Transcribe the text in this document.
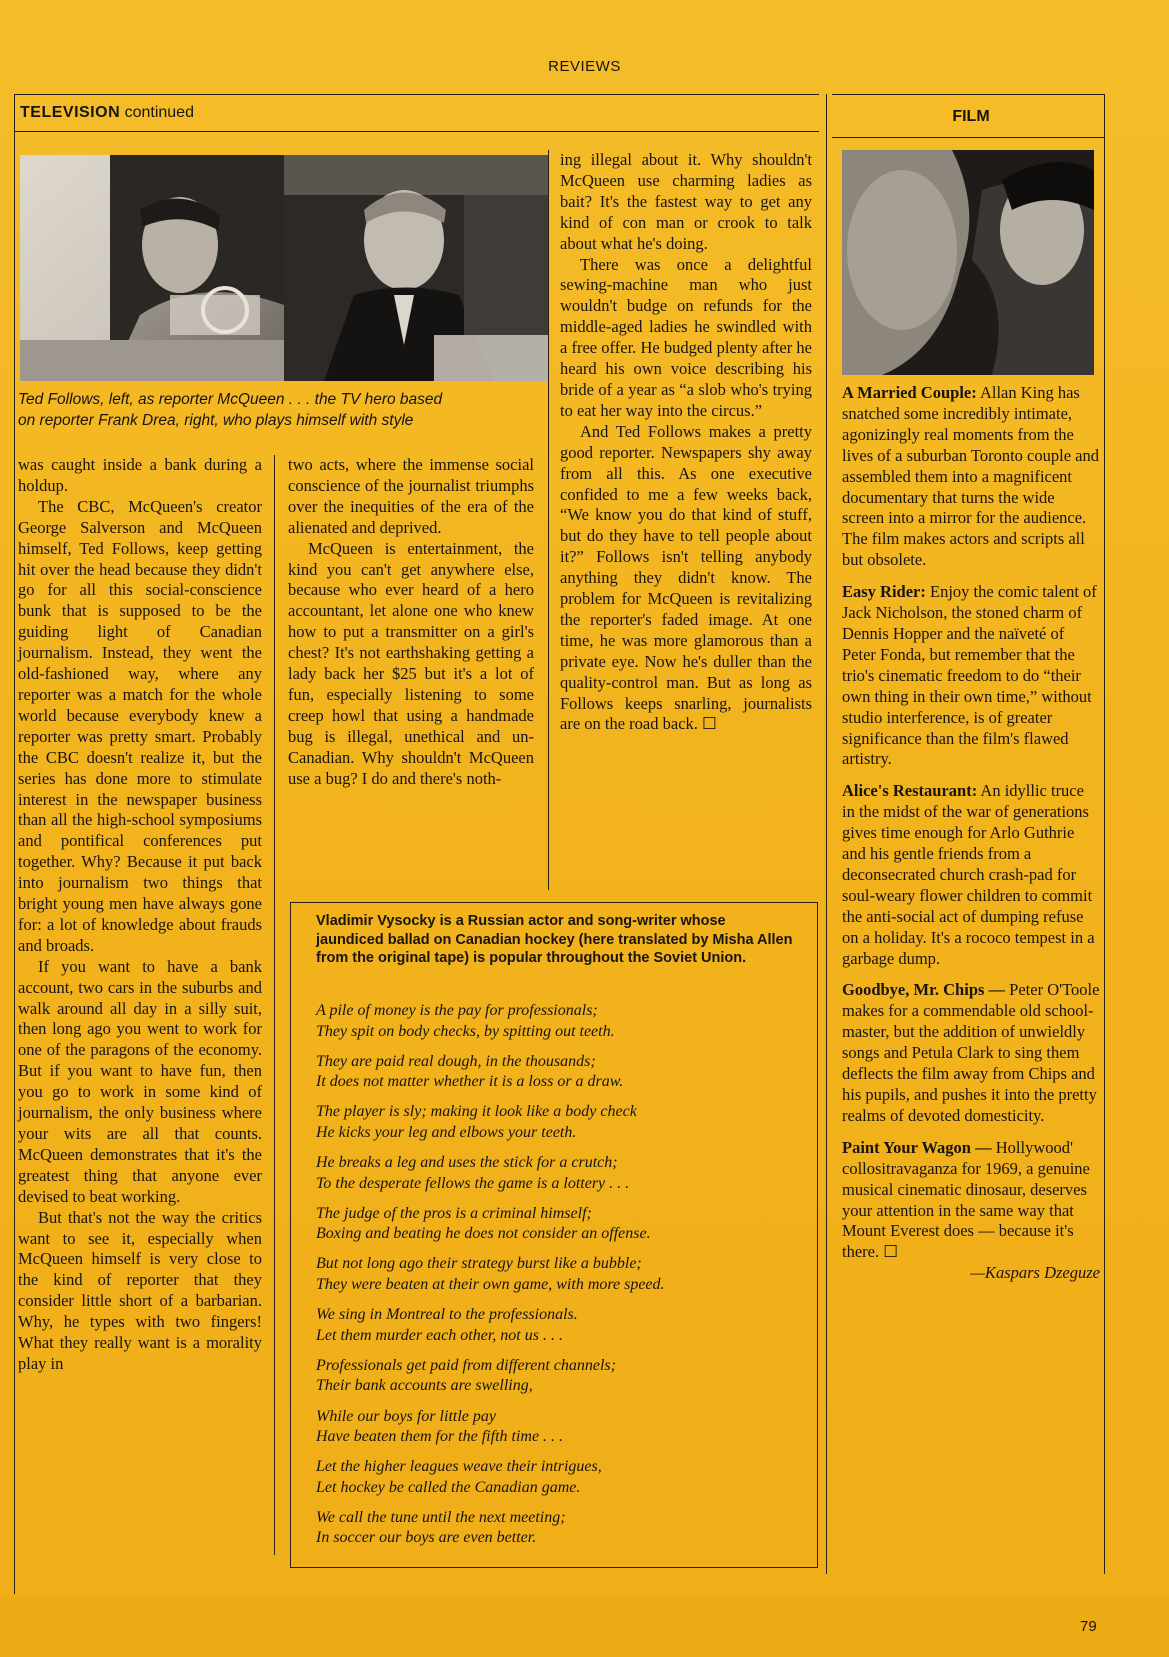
REVIEWS
TELEVISION continued	FILM
Ted Follows, left, as reporter McQueen . . . the TV hero based
on reporter Frank Drea, right, who plays himself with style

was caught inside a bank during a holdup.

The CBC, McQueen's creator George Salverson and McQueen himself, Ted Follows, keep getting hit over the head because they didn't go for all this social-conscience bunk that is supposed to be the guiding light of Canadian journalism. Instead, they went the old-fashioned way, where any reporter was a match for the whole world because everybody knew a reporter was pretty smart. Probably the CBC doesn't realize it, but the series has done more to stimulate interest in the newspaper business than all the high-school symposiums and pontifical conferences put together. Why? Because it put back into journalism two things that bright young men have always gone for: a lot of knowledge about frauds and broads.

If you want to have a bank account, two cars in the suburbs and walk around all day in a silly suit, then long ago you went to work for one of the paragons of the economy. But if you want to have fun, then you go to work in some kind of journalism, the only business where your wits are all that counts. McQueen demonstrates that it's the greatest thing that anyone ever devised to beat working.

But that's not the way the critics want to see it, especially when McQueen himself is very close to the kind of reporter that they consider little short of a barbarian. Why, he types with two fingers! What they really want is a morality play in

two acts, where the immense social conscience of the journalist triumphs over the inequities of the era of the alienated and deprived.

McQueen is entertainment, the kind you can't get anywhere else, because who ever heard of a hero accountant, let alone one who knew how to put a transmitter on a girl's chest? It's not earthshaking getting a lady back her $25 but it's a lot of fun, especially listening to some creep howl that using a handmade bug is illegal, unethical and un-Canadian. Why shouldn't McQueen use a bug? I do and there's noth-

ing illegal about it. Why shouldn't McQueen use charming ladies as bait? It's the fastest way to get any kind of con man or crook to talk about what he's doing.

There was once a delightful sewing-machine man who just wouldn't budge on refunds for the middle-aged ladies he swindled with a free offer. He budged plenty after he heard his own voice describing his bride of a year as “a slob who's trying to eat her way into the circus.”

And Ted Follows makes a pretty good reporter. Newspapers shy away from all this. As one executive confided to me a few weeks back, “We know you do that kind of stuff, but do they have to tell people about it?” Follows isn't telling anybody anything they didn't know. The problem for McQueen is revitalizing the reporter's faded image. At one time, he was more glamorous than a private eye. Now he's duller than the quality-control man. But as long as Follows keeps snarling, journalists are on the road back. ☐

Vladimir Vysocky is a Russian actor and song-writer whose jaundiced ballad on Canadian hockey (here translated by Misha Allen from the original tape) is popular throughout the Soviet Union.
A pile of money is the pay for professionals;
They spit on body checks, by spitting out teeth.
They are paid real dough, in the thousands;
It does not matter whether it is a loss or a draw.
The player is sly; making it look like a body check
He kicks your leg and elbows your teeth.
He breaks a leg and uses the stick for a crutch;
To the desperate fellows the game is a lottery . . .
The judge of the pros is a criminal himself;
Boxing and beating he does not consider an offense.
But not long ago their strategy burst like a bubble;
They were beaten at their own game, with more speed.
We sing in Montreal to the professionals.
Let them murder each other, not us . . .
Professionals get paid from different channels;
Their bank accounts are swelling,
While our boys for little pay
Have beaten them for the fifth time . . .
Let the higher leagues weave their intrigues,
Let hockey be called the Canadian game.
We call the tune until the next meeting;
In soccer our boys are even better.

A Married Couple: Allan King has snatched some incredibly intimate, agonizingly real moments from the lives of a suburban Toronto couple and assembled them into a magnificent documentary that turns the wide screen into a mirror for the audience. The film makes actors and scripts all but obsolete.

Easy Rider: Enjoy the comic talent of Jack Nicholson, the stoned charm of Dennis Hopper and the naïveté of Peter Fonda, but remember that the trio's cinematic freedom to do “their own thing in their own time,” without studio interference, is of greater significance than the film's flawed artistry.

Alice's Restaurant: An idyllic truce in the midst of the war of generations gives time enough for Arlo Guthrie and his gentle friends from a deconsecrated church crash-pad for soul-weary flower children to commit the anti-social act of dumping refuse on a holiday. It's a rococo tempest in a garbage dump.

Goodbye, Mr. Chips — Peter O'Toole makes for a commendable old school-master, but the addition of unwieldly songs and Petula Clark to sing them deflects the film away from Chips and his pupils, and pushes it into the pretty realms of devoted domesticity.

Paint Your Wagon — Hollywood' collositravaganza for 1969, a genuine musical cinematic dinosaur, deserves your attention in the same way that Mount Everest does — because it's there. ☐

—Kaspars Dzeguze
79
